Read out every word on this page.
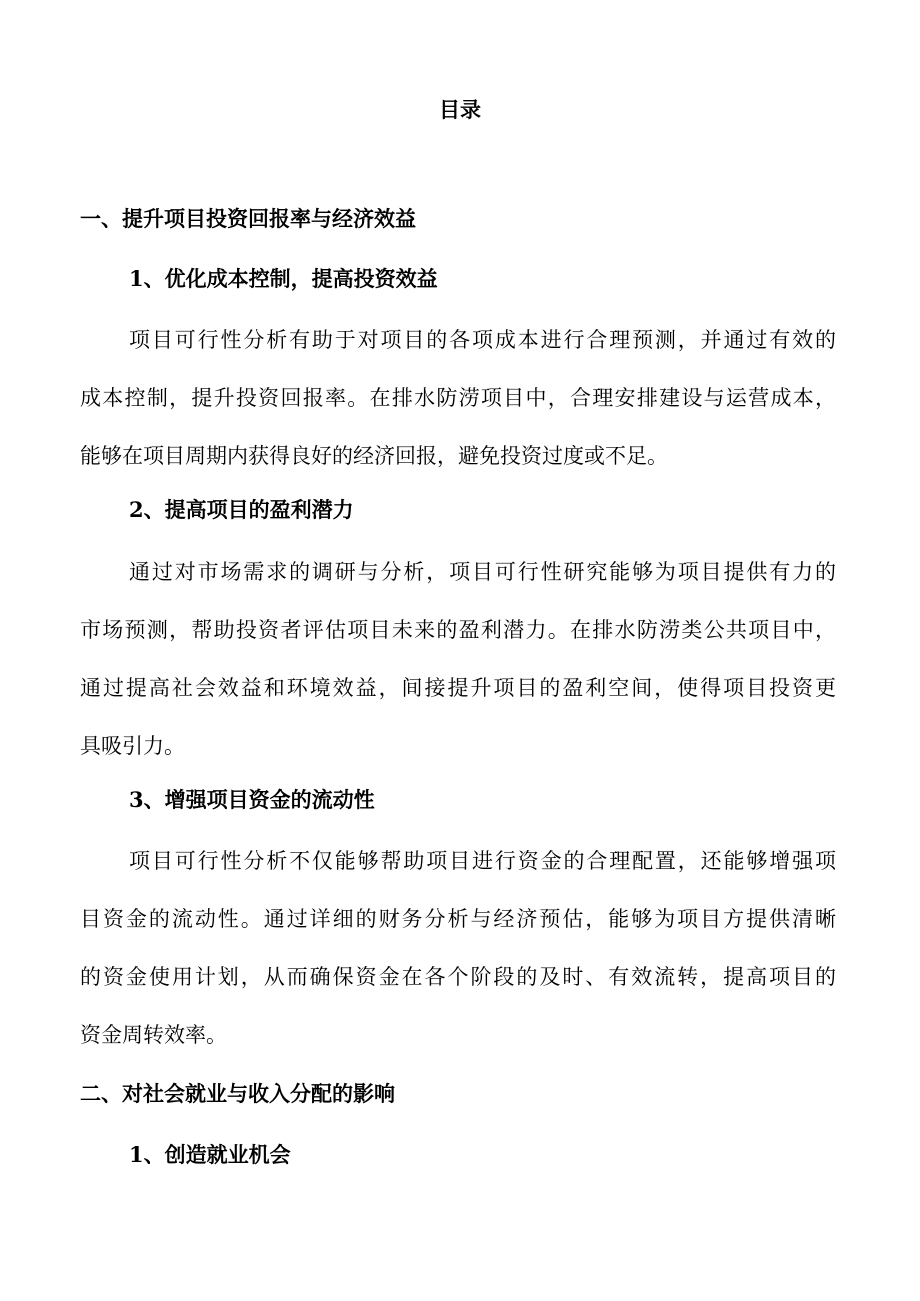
目录
一、提升项目投资回报率与经济效益
1、优化成本控制，提高投资效益
项目可行性分析有助于对项目的各项成本进行合理预测，并通过有效的
成本控制，提升投资回报率。在排水防涝项目中，合理安排建设与运营成本，
能够在项目周期内获得良好的经济回报，避免投资过度或不足。
2、提高项目的盈利潜力
通过对市场需求的调研与分析，项目可行性研究能够为项目提供有力的
市场预测，帮助投资者评估项目未来的盈利潜力。在排水防涝类公共项目中，
通过提高社会效益和环境效益，间接提升项目的盈利空间，使得项目投资更
具吸引力。
3、增强项目资金的流动性
项目可行性分析不仅能够帮助项目进行资金的合理配置，还能够增强项
目资金的流动性。通过详细的财务分析与经济预估，能够为项目方提供清晰
的资金使用计划，从而确保资金在各个阶段的及时、有效流转，提高项目的
资金周转效率。
二、对社会就业与收入分配的影响
1、创造就业机会
